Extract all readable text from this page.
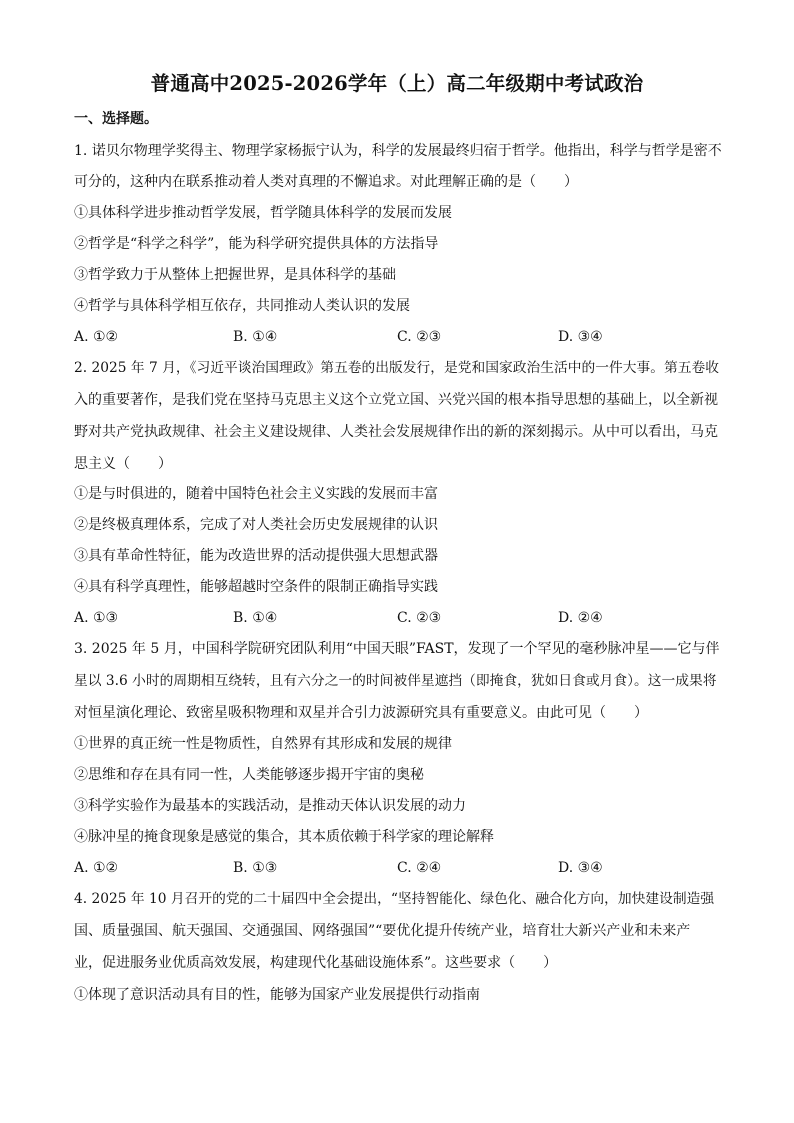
普通高中2025-2026学年（上）高二年级期中考试政治
一、选择题。
1. 诺贝尔物理学奖得主、物理学家杨振宁认为，科学的发展最终归宿于哲学。他指出，科学与哲学是密不
可分的，这种内在联系推动着人类对真理的不懈追求。对此理解正确的是（　　）
①具体科学进步推动哲学发展，哲学随具体科学的发展而发展
②哲学是“科学之科学”，能为科学研究提供具体的方法指导
③哲学致力于从整体上把握世界，是具体科学的基础
④哲学与具体科学相互依存，共同推动人类认识的发展
A. ①②	B. ①④	C. ②③	D. ③④
2. 2025 年 7 月，《习近平谈治国理政》第五卷的出版发行，是党和国家政治生活中的一件大事。第五卷收
入的重要著作，是我们党在坚持马克思主义这个立党立国、兴党兴国的根本指导思想的基础上，以全新视
野对共产党执政规律、社会主义建设规律、人类社会发展规律作出的新的深刻揭示。从中可以看出，马克
思主义（　　）
①是与时俱进的，随着中国特色社会主义实践的发展而丰富
②是终极真理体系，完成了对人类社会历史发展规律的认识
③具有革命性特征，能为改造世界的活动提供强大思想武器
④具有科学真理性，能够超越时空条件的限制正确指导实践
A. ①③	B. ①④	C. ②③	D. ②④
3. 2025 年 5 月，中国科学院研究团队利用“中国天眼”FAST，发现了一个罕见的毫秒脉冲星——它与伴
星以 3.6 小时的周期相互绕转，且有六分之一的时间被伴星遮挡（即掩食，犹如日食或月食）。这一成果将
对恒星演化理论、致密星吸积物理和双星并合引力波源研究具有重要意义。由此可见（　　）
①世界的真正统一性是物质性，自然界有其形成和发展的规律
②思维和存在具有同一性，人类能够逐步揭开宇宙的奥秘
③科学实验作为最基本的实践活动，是推动天体认识发展的动力
④脉冲星的掩食现象是感觉的集合，其本质依赖于科学家的理论解释
A. ①②	B. ①③	C. ②④	D. ③④
4. 2025 年 10 月召开的党的二十届四中全会提出，“坚持智能化、绿色化、融合化方向，加快建设制造强
国、质量强国、航天强国、交通强国、网络强国”“要优化提升传统产业，培育壮大新兴产业和未来产
业，促进服务业优质高效发展，构建现代化基础设施体系”。这些要求（　　）
①体现了意识活动具有目的性，能够为国家产业发展提供行动指南
